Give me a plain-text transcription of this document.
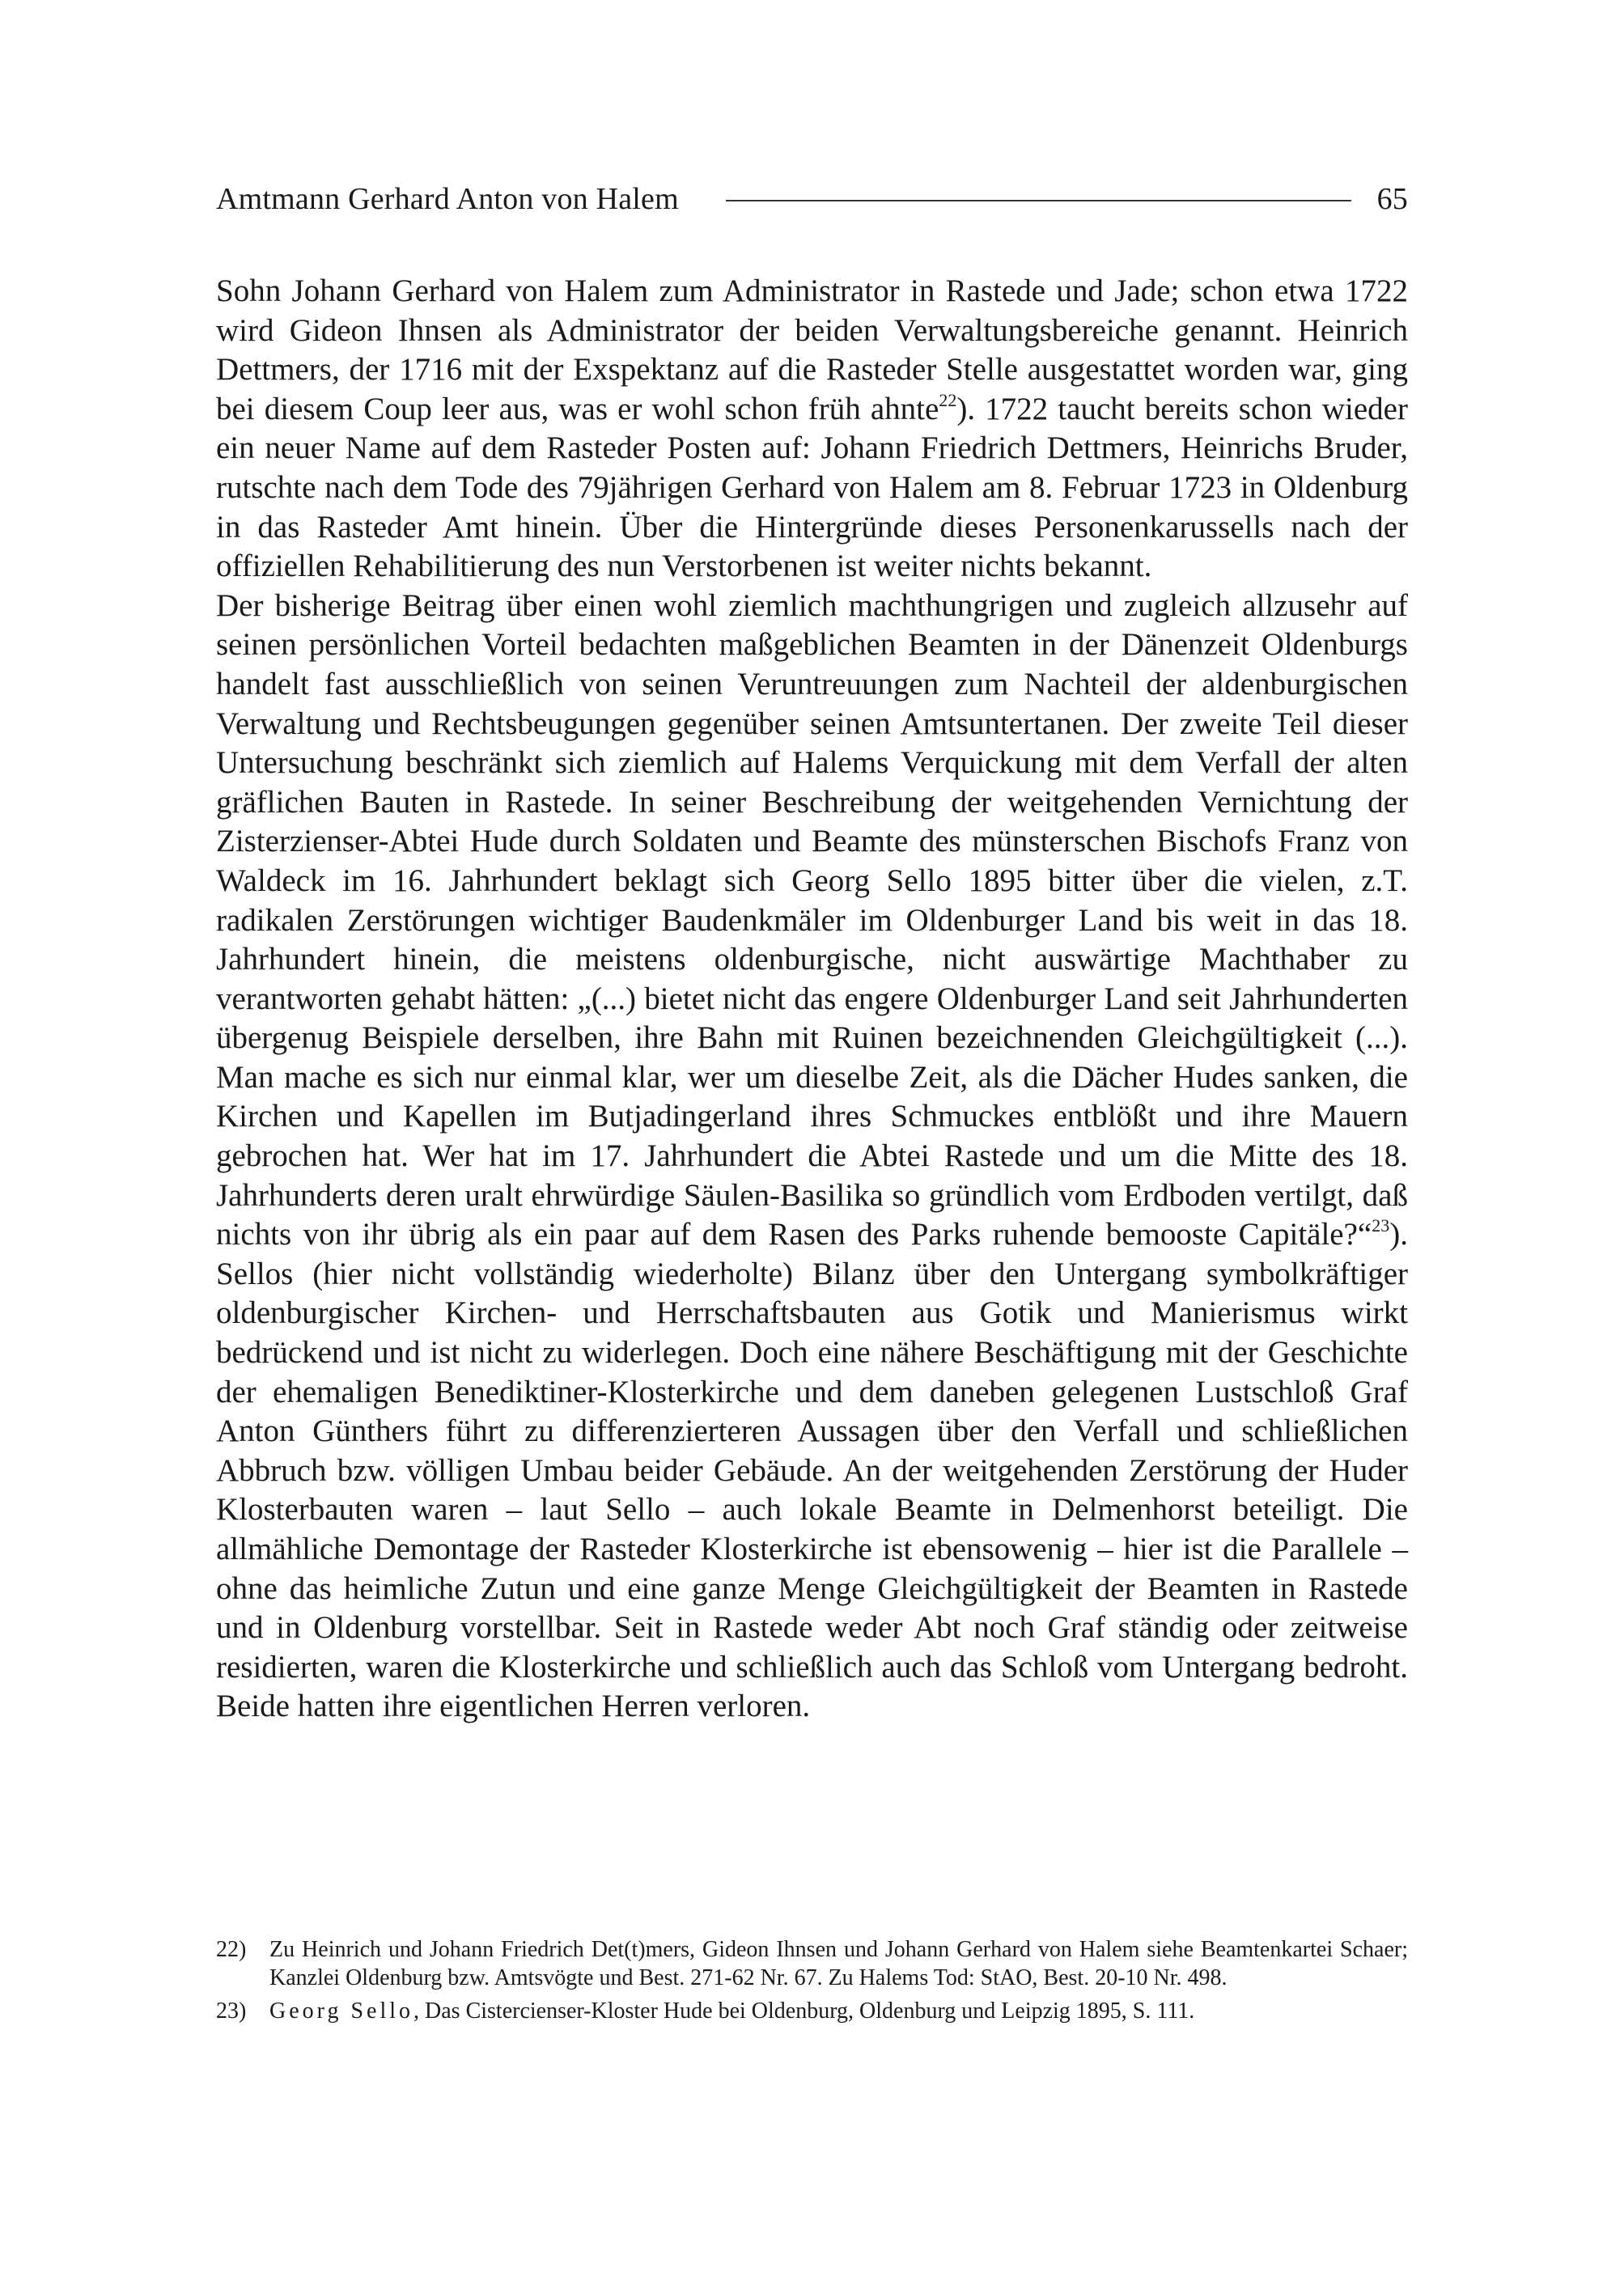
Amtmann Gerhard Anton von Halem	65

Sohn Johann Gerhard von Halem zum Administrator in Rastede und Jade; schon etwa 1722 wird Gideon Ihnsen als Administrator der beiden Verwaltungsbereiche genannt. Heinrich Dettmers, der 1716 mit der Exspektanz auf die Rasteder Stelle ausgestattet worden war, ging bei diesem Coup leer aus, was er wohl schon früh ahnte$^{22}$). 1722 taucht bereits schon wieder ein neuer Name auf dem Rasteder Posten auf: Johann Friedrich Dettmers, Heinrichs Bruder, rutschte nach dem Tode des 79jährigen Gerhard von Halem am 8. Februar 1723 in Oldenburg in das Rasteder Amt hinein. Über die Hintergründe dieses Personenkarussells nach der offiziellen Rehabilitierung des nun Verstorbenen ist weiter nichts bekannt.

Der bisherige Beitrag über einen wohl ziemlich machthungrigen und zugleich allzusehr auf seinen persönlichen Vorteil bedachten maßgeblichen Beamten in der Dänenzeit Oldenburgs handelt fast ausschließlich von seinen Veruntreuungen zum Nachteil der aldenburgischen Verwaltung und Rechtsbeugungen gegenüber seinen Amtsuntertanen. Der zweite Teil dieser Untersuchung beschränkt sich ziemlich auf Halems Verquickung mit dem Verfall der alten gräflichen Bauten in Rastede. In seiner Beschreibung der weitgehenden Vernichtung der Zisterzienser-Abtei Hude durch Soldaten und Beamte des münsterschen Bischofs Franz von Waldeck im 16. Jahrhundert beklagt sich Georg Sello 1895 bitter über die vielen, z.T. radikalen Zerstörungen wichtiger Baudenkmäler im Oldenburger Land bis weit in das 18. Jahrhundert hinein, die meistens oldenburgische, nicht auswärtige Machthaber zu verantworten gehabt hätten: „(...) bietet nicht das engere Oldenburger Land seit Jahrhunderten übergenug Beispiele derselben, ihre Bahn mit Ruinen bezeichnenden Gleichgültigkeit (...). Man mache es sich nur einmal klar, wer um dieselbe Zeit, als die Dächer Hudes sanken, die Kirchen und Kapellen im Butjadingerland ihres Schmuckes entblößt und ihre Mauern gebrochen hat. Wer hat im 17. Jahrhundert die Abtei Rastede und um die Mitte des 18. Jahrhunderts deren uralt ehrwürdige Säulen-Basilika so gründlich vom Erdboden vertilgt, daß nichts von ihr übrig als ein paar auf dem Rasen des Parks ruhende bemooste Capitäle?“$^{23}$). Sellos (hier nicht vollständig wiederholte) Bilanz über den Untergang symbolkräftiger oldenburgischer Kirchen- und Herrschaftsbauten aus Gotik und Manierismus wirkt bedrückend und ist nicht zu widerlegen. Doch eine nähere Beschäftigung mit der Geschichte der ehemaligen Benediktiner-Klosterkirche und dem daneben gelegenen Lustschloß Graf Anton Günthers führt zu differenzierteren Aussagen über den Verfall und schließlichen Abbruch bzw. völligen Umbau beider Gebäude. An der weitgehenden Zerstörung der Huder Klosterbauten waren – laut Sello – auch lokale Beamte in Delmenhorst beteiligt. Die allmähliche Demontage der Rasteder Klosterkirche ist ebensowenig – hier ist die Parallele – ohne das heimliche Zutun und eine ganze Menge Gleichgültigkeit der Beamten in Rastede und in Oldenburg vorstellbar. Seit in Rastede weder Abt noch Graf ständig oder zeitweise residierten, waren die Klosterkirche und schließlich auch das Schloß vom Untergang bedroht. Beide hatten ihre eigentlichen Herren verloren.

22)	Zu Heinrich und Johann Friedrich Det(t)mers, Gideon Ihnsen und Johann Gerhard von Halem siehe Beamtenkartei Schaer; Kanzlei Oldenburg bzw. Amtsvögte und Best. 271-62 Nr. 67. Zu Halems Tod: StAO, Best. 20-10 Nr. 498.
23)	Georg Sello, Das Cistercienser-Kloster Hude bei Oldenburg, Oldenburg und Leipzig 1895, S. 111.
